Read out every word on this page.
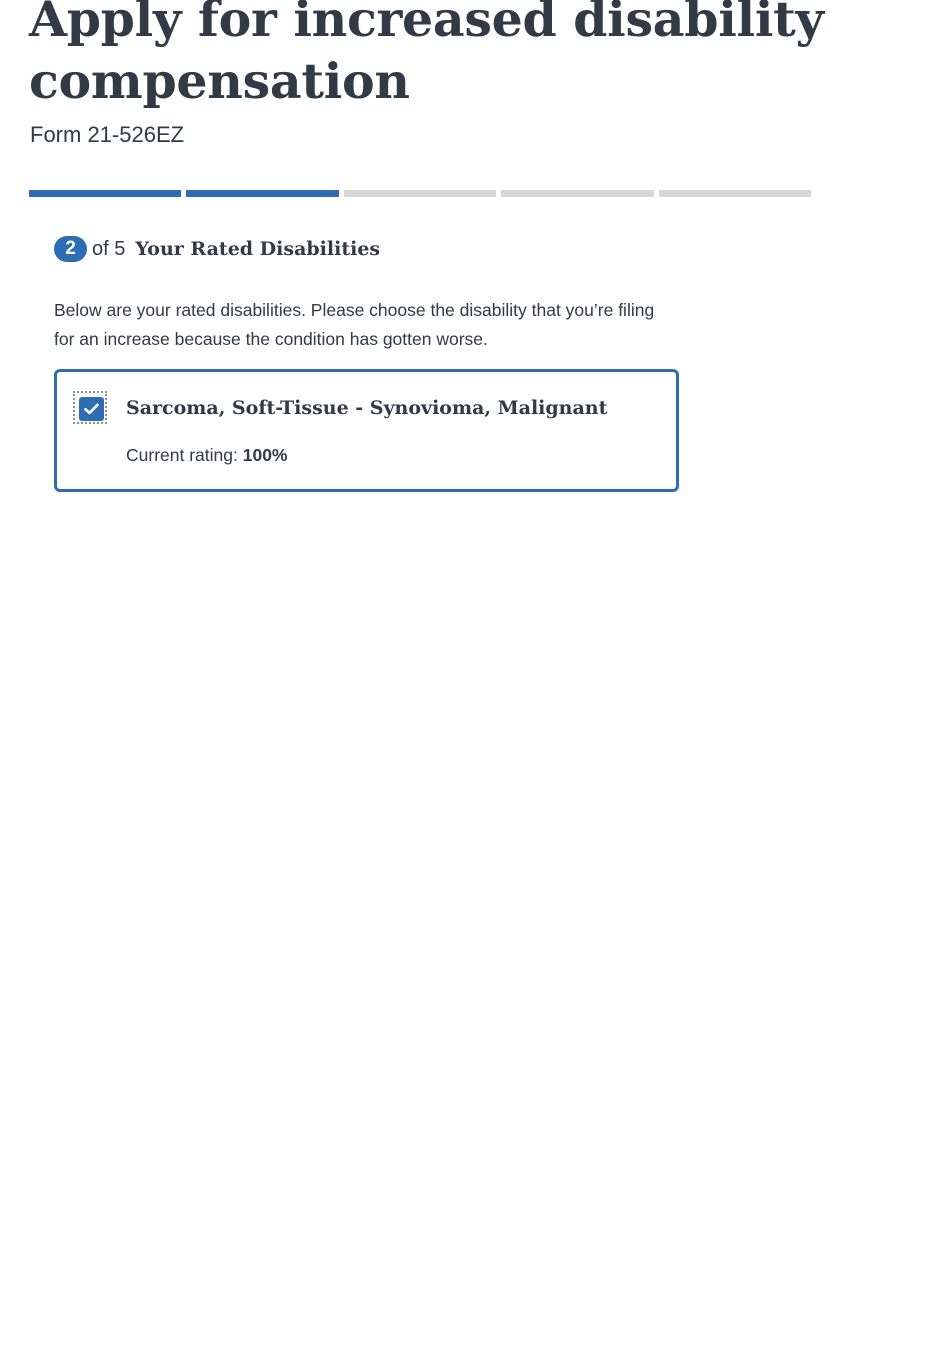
Apply for increased disability compensation
Form 21-526EZ
2 of 5 Your Rated Disabilities

Below are your rated disabilities. Please choose the disability that you’re filing for an increase because the condition has gotten worse.

Sarcoma, Soft-Tissue - Synovioma, Malignant
Current rating: 100%
